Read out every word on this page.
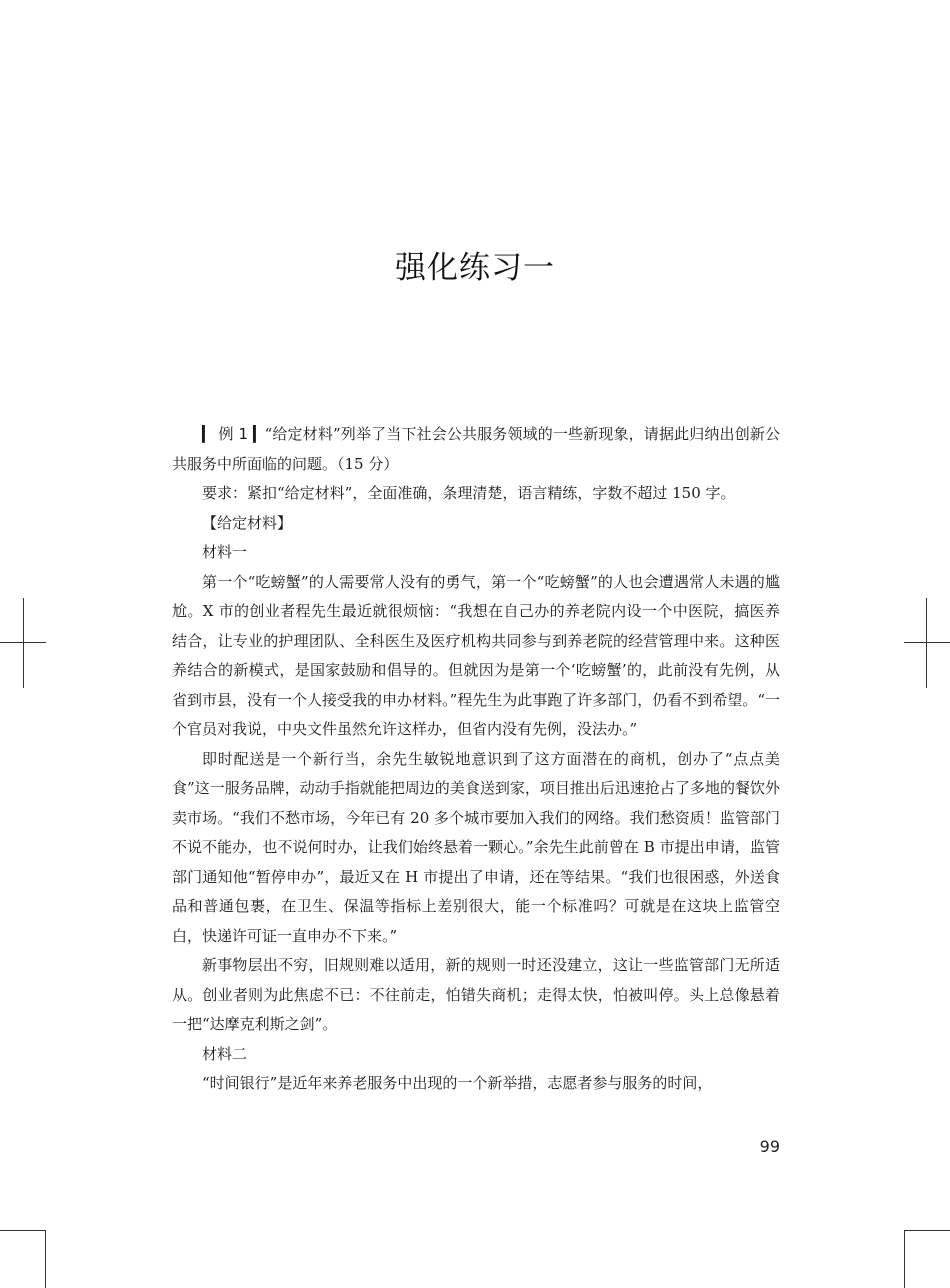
强化练习一

▎ 例 1 ▎“给定材料”列举了当下社会公共服务领域的一些新现象，请据此归纳出创新公共服务中所面临的问题。（15 分）

要求：紧扣“给定材料”，全面准确，条理清楚，语言精练，字数不超过 150 字。

【给定材料】

材料一

第一个“吃螃蟹”的人需要常人没有的勇气，第一个“吃螃蟹”的人也会遭遇常人未遇的尴尬。X 市的创业者程先生最近就很烦恼：“我想在自己办的养老院内设一个中医院，搞医养结合，让专业的护理团队、全科医生及医疗机构共同参与到养老院的经营管理中来。这种医养结合的新模式，是国家鼓励和倡导的。但就因为是第一个‘吃螃蟹’的，此前没有先例，从省到市县，没有一个人接受我的申办材料。”程先生为此事跑了许多部门，仍看不到希望。“一个官员对我说，中央文件虽然允许这样办，但省内没有先例，没法办。”

即时配送是一个新行当，余先生敏锐地意识到了这方面潜在的商机，创办了“点点美食”这一服务品牌，动动手指就能把周边的美食送到家，项目推出后迅速抢占了多地的餐饮外卖市场。“我们不愁市场，今年已有 20 多个城市要加入我们的网络。我们愁资质！监管部门不说不能办，也不说何时办，让我们始终悬着一颗心。”余先生此前曾在 B 市提出申请，监管部门通知他“暂停申办”，最近又在 H 市提出了申请，还在等结果。“我们也很困惑，外送食品和普通包裹，在卫生、保温等指标上差别很大，能一个标准吗？可就是在这块上监管空白，快递许可证一直申办不下来。”

新事物层出不穷，旧规则难以适用，新的规则一时还没建立，这让一些监管部门无所适从。创业者则为此焦虑不已：不往前走，怕错失商机；走得太快，怕被叫停。头上总像悬着一把“达摩克利斯之剑”。

材料二

“时间银行”是近年来养老服务中出现的一个新举措，志愿者参与服务的时间，

99
